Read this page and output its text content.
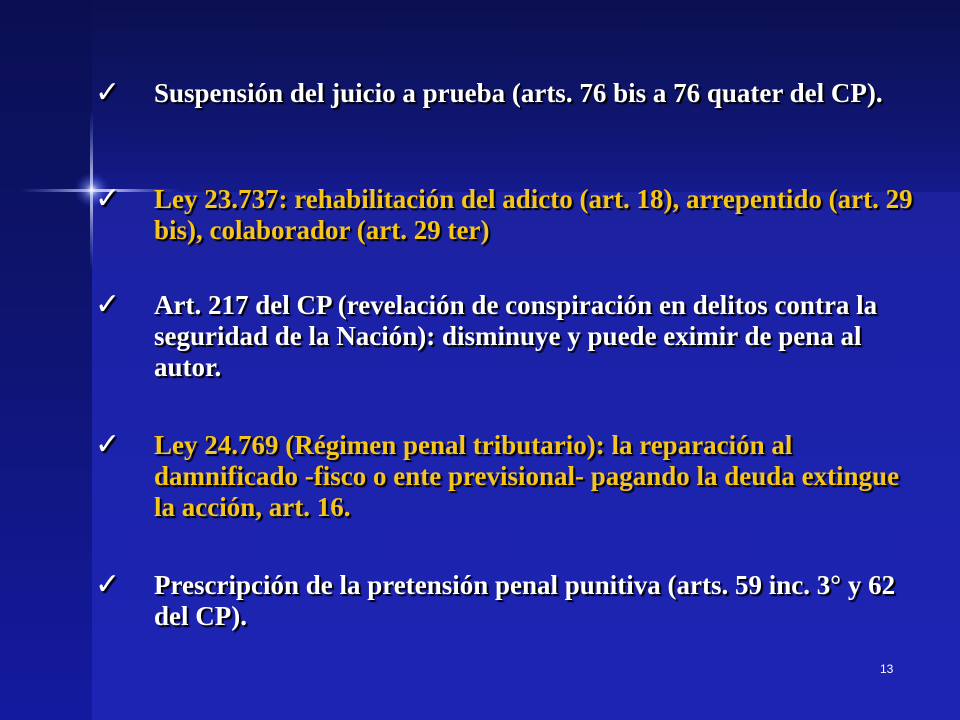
✓ Suspensión del juicio a prueba (arts. 76 bis a 76 quater del CP).

✓ Ley 23.737: rehabilitación del adicto (art. 18), arrepentido (art. 29 bis), colaborador (art. 29 ter)

✓ Art. 217 del CP (revelación de conspiración en delitos contra la seguridad de la Nación): disminuye y puede eximir de pena al autor.

✓ Ley 24.769 (Régimen penal tributario): la reparación al damnificado -fisco o ente previsional- pagando la deuda extingue la acción, art. 16.

✓ Prescripción de la pretensión penal punitiva (arts. 59 inc. 3° y 62 del CP).

13
